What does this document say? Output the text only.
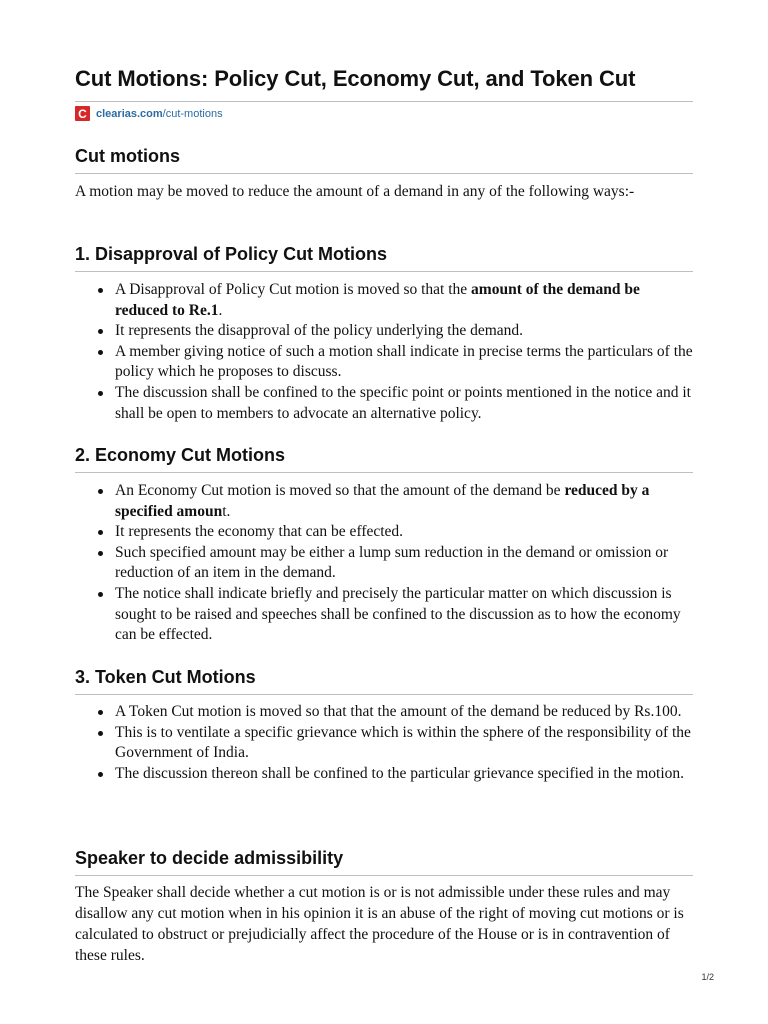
Cut Motions: Policy Cut, Economy Cut, and Token Cut
C clearias.com /cut-motions
Cut motions

A motion may be moved to reduce the amount of a demand in any of the following ways:-

1. Disapproval of Policy Cut Motions
A Disapproval of Policy Cut motion is moved so that the amount of the demand be reduced to Re.1.
It represents the disapproval of the policy underlying the demand.
A member giving notice of such a motion shall indicate in precise terms the particulars of the policy which he proposes to discuss.
The discussion shall be confined to the specific point or points mentioned in the notice and it shall be open to members to advocate an alternative policy.
2. Economy Cut Motions
An Economy Cut motion is moved so that the amount of the demand be reduced by a specified amount.
It represents the economy that can be effected.
Such specified amount may be either a lump sum reduction in the demand or omission or reduction of an item in the demand.
The notice shall indicate briefly and precisely the particular matter on which discussion is sought to be raised and speeches shall be confined to the discussion as to how the economy can be effected.
3. Token Cut Motions
A Token Cut motion is moved so that that the amount of the demand be reduced by Rs.100.
This is to ventilate a specific grievance which is within the sphere of the responsibility of the Government of India.
The discussion thereon shall be confined to the particular grievance specified in the motion.
Speaker to decide admissibility

The Speaker shall decide whether a cut motion is or is not admissible under these rules and may disallow any cut motion when in his opinion it is an abuse of the right of moving cut motions or is calculated to obstruct or prejudicially affect the procedure of the House or is in contravention of these rules.

1/2
